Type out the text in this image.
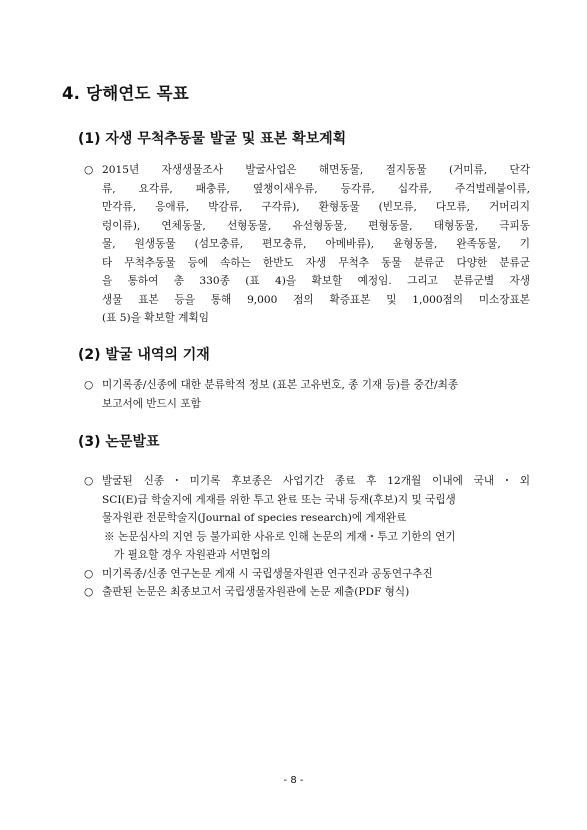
4. 당해연도 목표
(1) 자생 무척추동물 발굴 및 표본 확보계획
○ 2015년 자생생물조사 발굴사업은 해면동물, 절지동물 (거미류, 단각
류, 요각류, 패충류, 옆챙이새우류, 등각류, 십각류, 주걱벌레붙이류,
만각류, 응애류, 박감류, 구각류), 환형동물 (빈모류, 다모류, 거머리지
렁이류), 연체동물, 선형동물, 유선형동물, 편형동물, 태형동물, 극피동
물, 원생동물 (섬모충류, 편모충류, 아메바류), 윤형동물, 완족동물, 기
타 무척추동물 등에 속하는 한반도 자생 무척추 동물 분류군 다양한 분류군
을 통하여 총 330종 (표 4)을 확보할 예정임. 그리고 분류군별 자생
생물 표본 등을 통해 9,000 점의 확증표본 및 1,000점의 미소장표본
(표 5)을 확보할 계획임
(2) 발굴 내역의 기재
○ 미기록종/신종에 대한 분류학적 정보 (표본 고유번호, 종 기재 등)를 중간/최종
보고서에 반드시 포함
(3) 논문발표
○ 발굴된 신종・미기록 후보종은 사업기간 종료 후 12개월 이내에 국내・외
SCI(E)급 학술지에 게재를 위한 투고 완료 또는 국내 등재(후보)지 및 국립생
물자원관 전문학술지(Journal of species research)에 게재완료
※ 논문심사의 지연 등 불가피한 사유로 인해 논문의 게재・투고 기한의 연기
가 필요할 경우 자원관과 서면협의
○ 미기록종/신종 연구논문 게재 시 국립생물자원관 연구진과 공동연구추진
○ 출판된 논문은 최종보고서 국립생물자원관에 논문 제출(PDF 형식)
- 8 -
